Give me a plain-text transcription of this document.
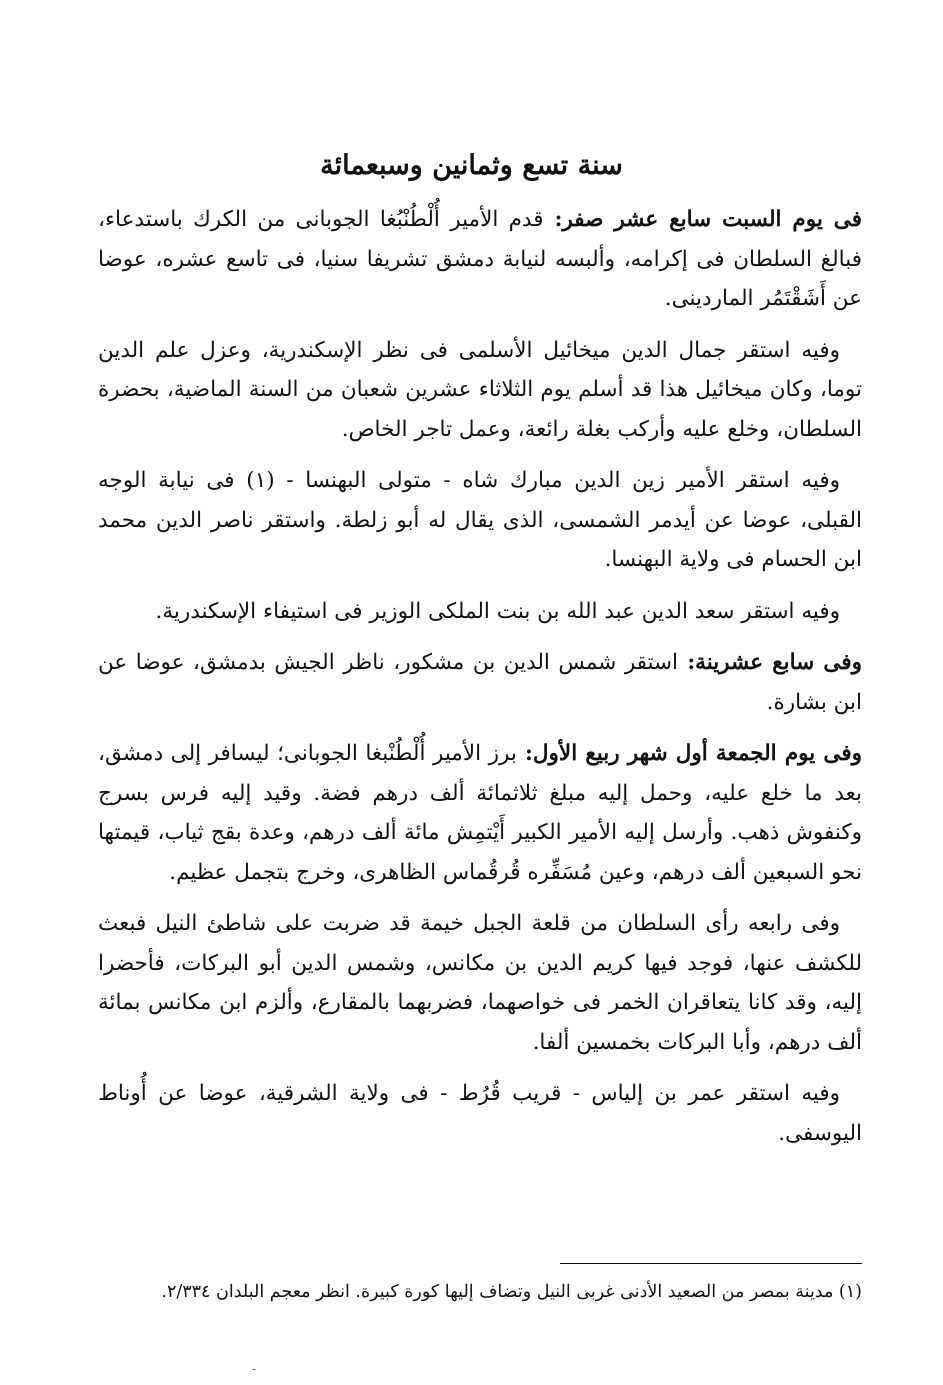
سنة تسع وثمانين وسبعمائة

فى يوم السبت سابع عشر صفر: قدم الأمير أُلْطُنْبُغا الجوبانى من الكرك باستدعاء، فبالغ السلطان فى إكرامه، وألبسه لنيابة دمشق تشريفا سنيا، فى تاسع عشره، عوضا عن أَشَقْتَمُر الماردينى.

وفيه استقر جمال الدين ميخائيل الأسلمى فى نظر الإسكندرية، وعزل علم الدين توما، وكان ميخائيل هذا قد أسلم يوم الثلاثاء عشرين شعبان من السنة الماضية، بحضرة السلطان، وخلع عليه وأركب بغلة رائعة، وعمل تاجر الخاص.

وفيه استقر الأمير زين الدين مبارك شاه - متولى البهنسا - (١) فى نيابة الوجه القبلى، عوضا عن أيدمر الشمسى، الذى يقال له أبو زلطة. واستقر ناصر الدين محمد ابن الحسام فى ولاية البهنسا.

وفيه استقر سعد الدين عبد الله بن بنت الملكى الوزير فى استيفاء الإسكندرية.

وفى سابع عشرينة: استقر شمس الدين بن مشكور، ناظر الجيش بدمشق، عوضا عن ابن بشارة.

وفى يوم الجمعة أول شهر ربيع الأول: برز الأمير أُلْطُنْبغا الجوبانى؛ ليسافر إلى دمشق، بعد ما خلع عليه، وحمل إليه مبلغ ثلاثمائة ألف درهم فضة. وقيد إليه فرس بسرج وكنفوش ذهب. وأرسل إليه الأمير الكبير أَيْتمِش مائة ألف درهم، وعدة بقج ثياب، قيمتها نحو السبعين ألف درهم، وعين مُسَفِّره قُرقُماس الظاهرى، وخرج بتجمل عظيم.

وفى رابعه رأى السلطان من قلعة الجبل خيمة قد ضربت على شاطئ النيل فبعث للكشف عنها، فوجد فيها كريم الدين بن مكانس، وشمس الدين أبو البركات، فأحضرا إليه، وقد كانا يتعاقران الخمر فى خواصهما، فضربهما بالمقارع، وألزم ابن مكانس بمائة ألف درهم، وأبا البركات بخمسين ألفا.

وفيه استقر عمر بن إلياس - قريب قُرُط - فى ولاية الشرقية، عوضا عن أُوناط اليوسفى.

(١) مدينة بمصر من الصعيد الأدنى غربى النيل وتضاف إليها كورة كبيرة. انظر معجم البلدان ٢/٣٣٤.
-
